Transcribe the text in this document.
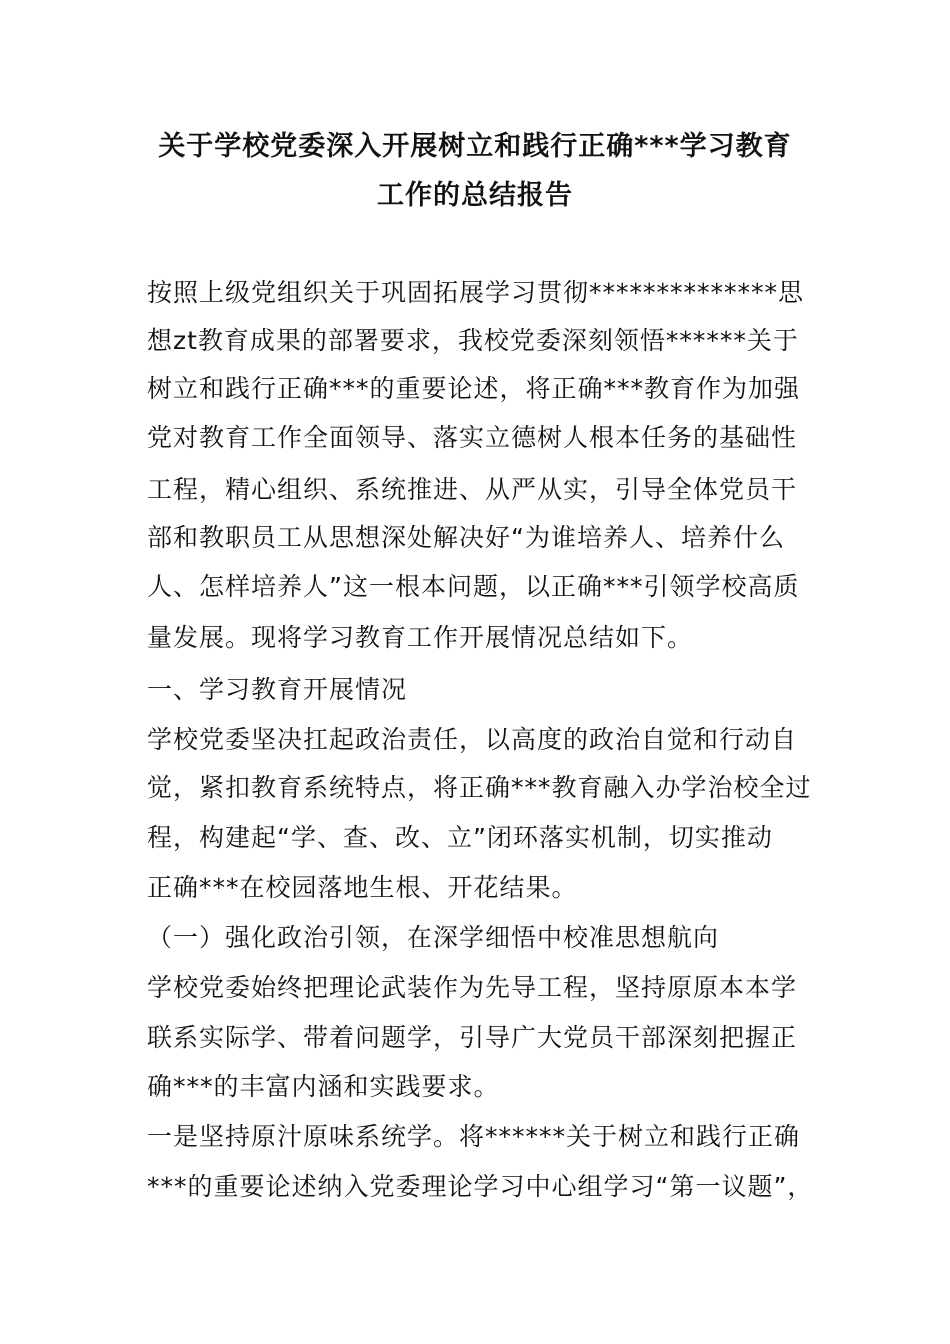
关于学校党委深入开展树立和践行正确***学习教育
工作的总结报告
按照上级党组织关于巩固拓展学习贯彻**************思
想zt教育成果的部署要求，我校党委深刻领悟******关于
树立和践行正确***的重要论述，将正确***教育作为加强
党对教育工作全面领导、落实立德树人根本任务的基础性
工程，精心组织、系统推进、从严从实，引导全体党员干
部和教职员工从思想深处解决好“为谁培养人、培养什么
人、怎样培养人”这一根本问题，以正确***引领学校高质
量发展。现将学习教育工作开展情况总结如下。
一、学习教育开展情况
学校党委坚决扛起政治责任，以高度的政治自觉和行动自
觉，紧扣教育系统特点，将正确***教育融入办学治校全过
程，构建起“学、查、改、立”闭环落实机制，切实推动
正确***在校园落地生根、开花结果。
（一）强化政治引领，在深学细悟中校准思想航向
学校党委始终把理论武装作为先导工程，坚持原原本本学
联系实际学、带着问题学，引导广大党员干部深刻把握正
确***的丰富内涵和实践要求。
一是坚持原汁原味系统学。将******关于树立和践行正确
***的重要论述纳入党委理论学习中心组学习“第一议题”，
